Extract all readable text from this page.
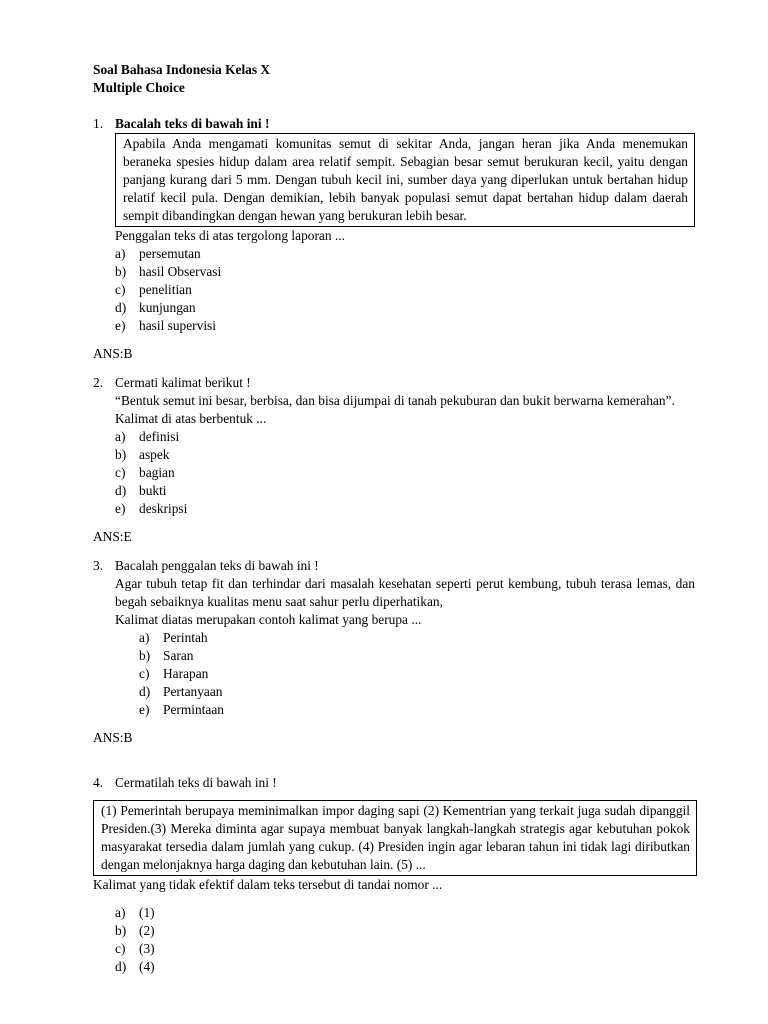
Soal Bahasa Indonesia Kelas X
Multiple Choice
1. Bacalah teks di bawah ini !
Apabila Anda mengamati komunitas semut di sekitar Anda, jangan heran jika Anda menemukan beraneka spesies hidup dalam area relatif sempit. Sebagian besar semut berukuran kecil, yaitu dengan panjang kurang dari 5 mm. Dengan tubuh kecil ini, sumber daya yang diperlukan untuk bertahan hidup relatif kecil pula. Dengan demikian, lebih banyak populasi semut dapat bertahan hidup dalam daerah sempit dibandingkan dengan hewan yang berukuran lebih besar.
Penggalan teks di atas tergolong laporan ...
a)	persemutan
b) hasil Observasi
c)	penelitian
d) kunjungan
e)	hasil supervisi
ANS:B
2. Cermati kalimat berikut !
“Bentuk semut ini besar, berbisa, dan bisa dijumpai di tanah pekuburan dan bukit berwarna kemerahan”.
Kalimat di atas berbentuk ...
a)	definisi
b) aspek
c)	bagian
d) bukti
e)	deskripsi
ANS:E
3. Bacalah penggalan teks di bawah ini !
Agar tubuh tetap fit dan terhindar dari masalah kesehatan seperti perut kembung, tubuh terasa lemas, dan begah sebaiknya kualitas menu saat sahur perlu diperhatikan,
Kalimat diatas merupakan contoh kalimat yang berupa ...
a)	Perintah
b) Saran
c)	Harapan
d) Pertanyaan
e)	Permintaan
ANS:B
4. Cermatilah teks di bawah ini !
(1) Pemerintah berupaya meminimalkan impor daging sapi (2) Kementrian yang terkait juga sudah dipanggil Presiden.(3) Mereka diminta agar supaya membuat banyak langkah-langkah strategis agar kebutuhan pokok masyarakat tersedia dalam jumlah yang cukup. (4) Presiden ingin agar lebaran tahun ini tidak lagi diributkan dengan melonjaknya harga daging dan kebutuhan lain. (5) ...
Kalimat yang tidak efektif dalam teks tersebut di tandai nomor ...
a)	(1)
b) (2)
c)	(3)
d) (4)
